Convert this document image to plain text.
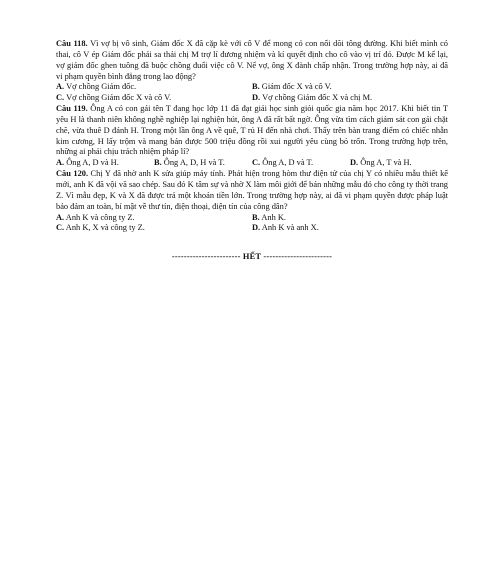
Câu 118. Vì vợ bị vô sinh, Giám đốc X đã cặp kè với cô V để mong có con nối dõi tông đường. Khi biết mình có thai, cô V ép Giám đốc phải sa thải chị M trợ lí đương nhiệm và kí quyết định cho cô vào vị trí đó. Được M kể lại, vợ giám đốc ghen tuông đã buộc chồng đuổi việc cô V. Nể vợ, ông X đành chấp nhận. Trong trường hợp này, ai đã vi phạm quyền bình đẳng trong lao động?

A. Vợ chồng Giám đốc.	B. Giám đốc X và cô V.
C. Vợ chồng Giám đốc X và cô V.	D. Vợ chồng Giám đốc X và chị M.

Câu 119. Ông A có con gái tên T đang học lớp 11 đã đạt giải học sinh giỏi quốc gia năm học 2017. Khi biết tin T yêu H là thanh niên không nghề nghiệp lại nghiện hút, ông A đã rất bất ngờ. Ông vừa tìm cách giám sát con gái chặt chẽ, vừa thuê D đánh H. Trong một lần ông A về quê, T rủ H đến nhà chơi. Thấy trên bàn trang điểm có chiếc nhẫn kim cương, H lấy trộm và mang bán được 500 triệu đồng rồi xui người yêu cùng bỏ trốn. Trong trường hợp trên, những ai phải chịu trách nhiệm pháp lí?

A. Ông A, D và H.	B. Ông A, D, H và T.	C. Ông A, D và T.	D. Ông A, T và H.

Câu 120. Chị Y đã nhờ anh K sửa giúp máy tính. Phát hiện trong hòm thư điện tử của chị Y có nhiều mẫu thiết kế mới, anh K đã vội vã sao chép. Sau đó K tâm sự và nhờ X làm môi giới để bán những mẫu đó cho công ty thời trang Z. Vì mẫu đẹp, K và X đã được trả một khoản tiền lớn. Trong trường hợp này, ai đã vi phạm quyền được pháp luật bảo đảm an toàn, bí mật về thư tín, điện thoại, điện tín của công dân?

A. Anh K và công ty Z.	B. Anh K.
C. Anh K, X và công ty Z.	D. Anh K và anh X.
----------------------- HẾT -----------------------
